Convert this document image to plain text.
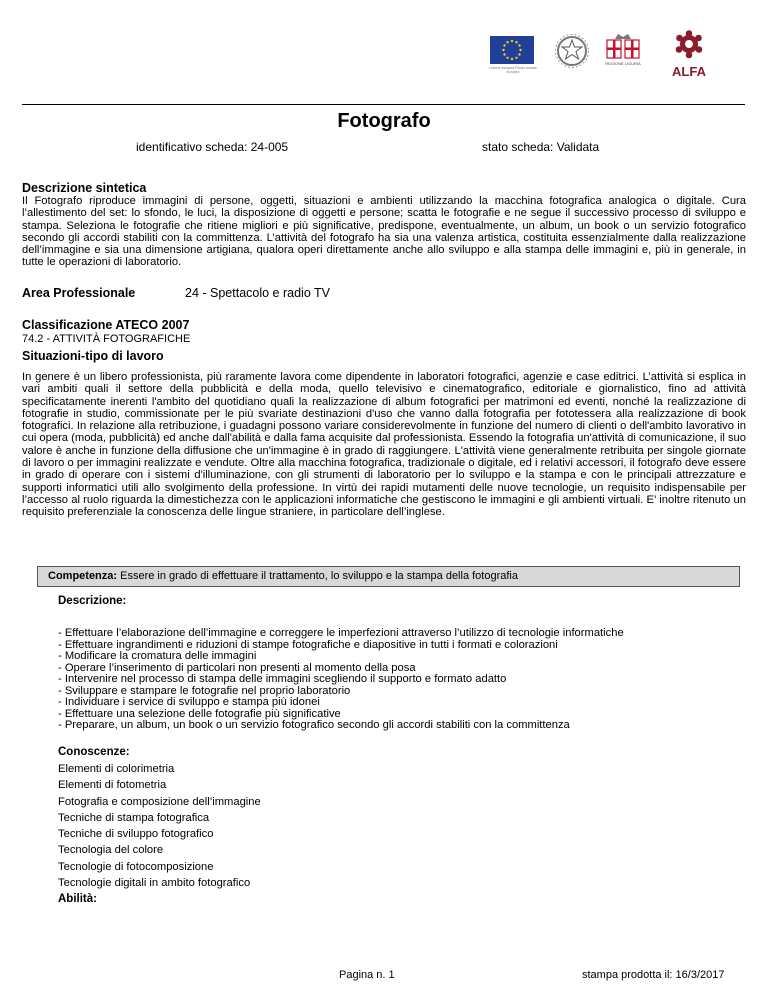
Unione europea Fondo sociale europeo
REGIONE LIGURIA
ALFA
Fotografo
identificativo scheda: 24-005	stato scheda: Validata
Descrizione sintetica
Il Fotografo riproduce immagini di persone, oggetti, situazioni e ambienti utilizzando la macchina fotografica analogica o digitale. Cura l’allestimento del set: lo sfondo, le luci, la disposizione di oggetti e persone; scatta le fotografie e ne segue il successivo processo di sviluppo e stampa. Seleziona le fotografie che ritiene migliori e più significative, predispone, eventualmente, un album, un book o un servizio fotografico secondo gli accordi stabiliti con la committenza. L’attività del fotografo ha sia una valenza artistica, costituita essenzialmente dalla realizzazione dell’immagine e sia una dimensione artigiana, qualora operi direttamente anche allo sviluppo e alla stampa delle immagini e, più in generale, in tutte le operazioni di laboratorio.
Area Professionale	24 - Spettacolo e radio TV
Classificazione ATECO 2007
74.2 - ATTIVITÀ FOTOGRAFICHE
Situazioni-tipo di lavoro
In genere è un libero professionista, più raramente lavora come dipendente in laboratori fotografici, agenzie e case editrici. L’attività si esplica in vari ambiti quali il settore della pubblicità e della moda, quello televisivo e cinematografico, editoriale e giornalistico, fino ad attività specificatamente inerenti l'ambito del quotidiano quali la realizzazione di album fotografici per matrimoni ed eventi, nonché la realizzazione di fotografie in studio, commissionate per le più svariate destinazioni d'uso che vanno dalla fotografia per fototessera alla realizzazione di book fotografici. In relazione alla retribuzione, i guadagni possono variare considerevolmente in funzione del numero di clienti o dell'ambito lavorativo in cui opera (moda, pubblicità) ed anche dall'abilità e dalla fama acquisite dal professionista. Essendo la fotografia un'attività di comunicazione, il suo valore è anche in funzione della diffusione che un'immagine è in grado di raggiungere. L'attività viene generalmente retribuita per singole giornate di lavoro o per immagini realizzate e vendute. Oltre alla macchina fotografica, tradizionale o digitale, ed i relativi accessori, il fotografo deve essere in grado di operare con i sistemi d'illuminazione, con gli strumenti di laboratorio per lo sviluppo e la stampa e con le principali attrezzature e supporti informatici utili allo svolgimento della professione. In virtù dei rapidi mutamenti delle nuove tecnologie, un requisito indispensabile per l’accesso al ruolo riguarda la dimestichezza con le applicazioni informatiche che gestiscono le immagini e gli ambienti virtuali. E’ inoltre ritenuto un requisito preferenziale la conoscenza delle lingue straniere, in particolare dell’inglese.
Competenza: Essere in grado di effettuare il trattamento, lo sviluppo e la stampa della fotografia
Descrizione:
- Effettuare l’elaborazione dell’immagine e correggere le imperfezioni attraverso l’utilizzo di tecnologie informatiche
- Effettuare ingrandimenti e riduzioni di stampe fotografiche e diapositive in tutti i formati e colorazioni
- Modificare la cromatura delle immagini
- Operare l’inserimento di particolari non presenti al momento della posa
- Intervenire nel processo di stampa delle immagini scegliendo il supporto e formato adatto
- Sviluppare e stampare le fotografie nel proprio laboratorio
- Individuare i service di sviluppo e stampa più idonei
- Effettuare una selezione delle fotografie più significative
- Preparare, un album, un book o un servizio fotografico secondo gli accordi stabiliti con la committenza
Conoscenze:
Elementi di colorimetria
Elementi di fotometria
Fotografia e composizione dell’immagine
Tecniche di stampa fotografica
Tecniche di sviluppo fotografico
Tecnologia del colore
Tecnologie di fotocomposizione
Tecnologie digitali in ambito fotografico
Abilità:
Pagina n. 1	stampa prodotta il: 16/3/2017
